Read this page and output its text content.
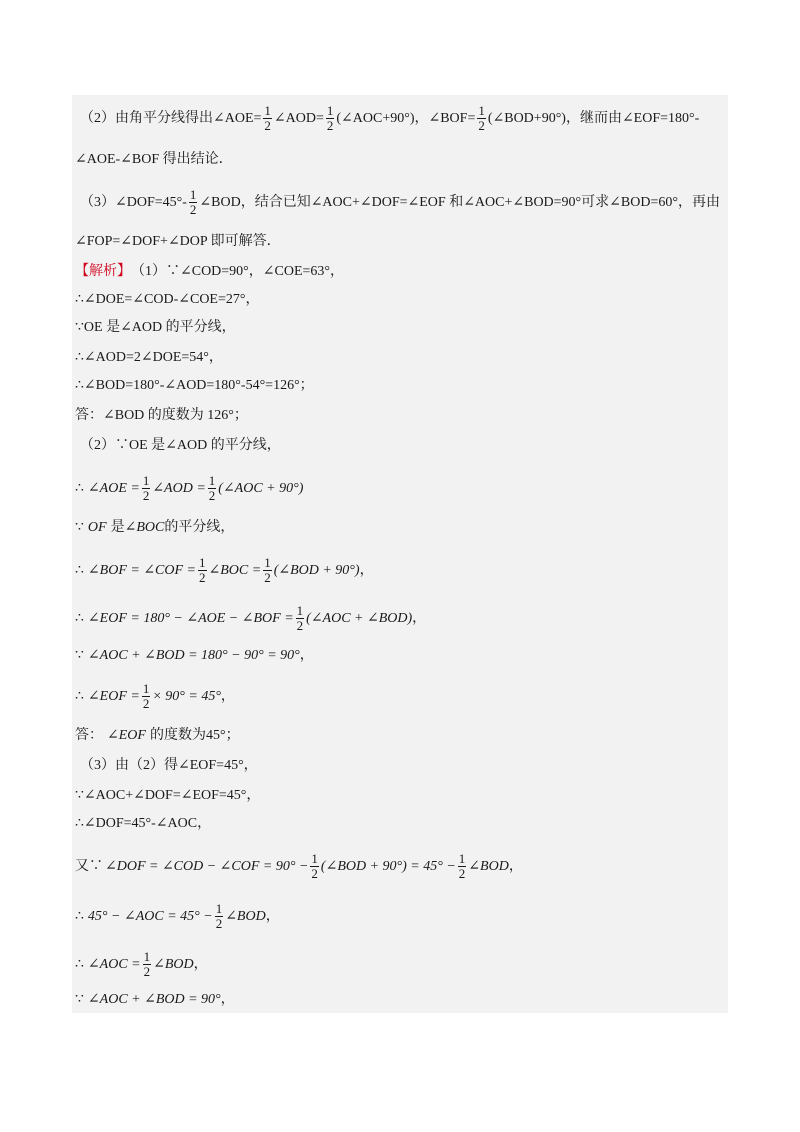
（2）由角平分线得出∠AOE= $\frac{1}{2}$ ∠AOD= $\frac{1}{2}$ (∠AOC+90°)，∠BOF= $\frac{1}{2}$ (∠BOD+90°)，继而由∠EOF=180°-
∠AOE-∠BOF 得出结论．
（3）∠DOF=45°- $\frac{1}{2}$ ∠BOD，结合已知∠AOC+∠DOF=∠EOF 和∠AOC+∠BOD=90°可求∠BOD=60°，再由
∠FOP=∠DOF+∠DOP 即可解答．
【解析】 （1）∵∠COD=90°，∠COE=63°，
∴∠DOE=∠COD-∠COE=27°，
∵OE 是∠AOD 的平分线，
∴∠AOD=2∠DOE=54°，
∴∠BOD=180°-∠AOD=180°-54°=126°；
答：∠BOD 的度数为 126°；
（2）∵OE 是∠AOD 的平分线，
∴ ∠AOE = $\frac{1}{2}$ ∠AOD = $\frac{1}{2}$ (∠AOC + 90°)
∵ OF 是 ∠BOC 的平分线，
∴ ∠BOF = ∠COF = $\frac{1}{2}$ ∠BOC = $\frac{1}{2}$ (∠BOD + 90°) ，
∴ ∠EOF = 180° − ∠AOE − ∠BOF = $\frac{1}{2}$ (∠AOC + ∠BOD) ，
∵ ∠AOC + ∠BOD = 180° − 90° = 90° ，
∴ ∠EOF = $\frac{1}{2} \times 90^\circ = 45^\circ$ ，
答： ∠EOF 的度数为 45° ；
（3）由（2）得∠EOF=45°，
∵∠AOC+∠DOF=∠EOF=45°，
∴∠DOF=45°-∠AOC，
又∵ ∠DOF = ∠COD − ∠COF = $90^\circ - \frac{1}{2}$ (∠BOD + $90^\circ) = 45^\circ - \frac{1}{2}$ ∠BOD ，
∴ 45° − ∠AOC = $45^\circ - \frac{1}{2}$ ∠BOD ，
∴ ∠AOC = $\frac{1}{2}$ ∠BOD ，
∵ ∠AOC + ∠BOD = 90° ，
